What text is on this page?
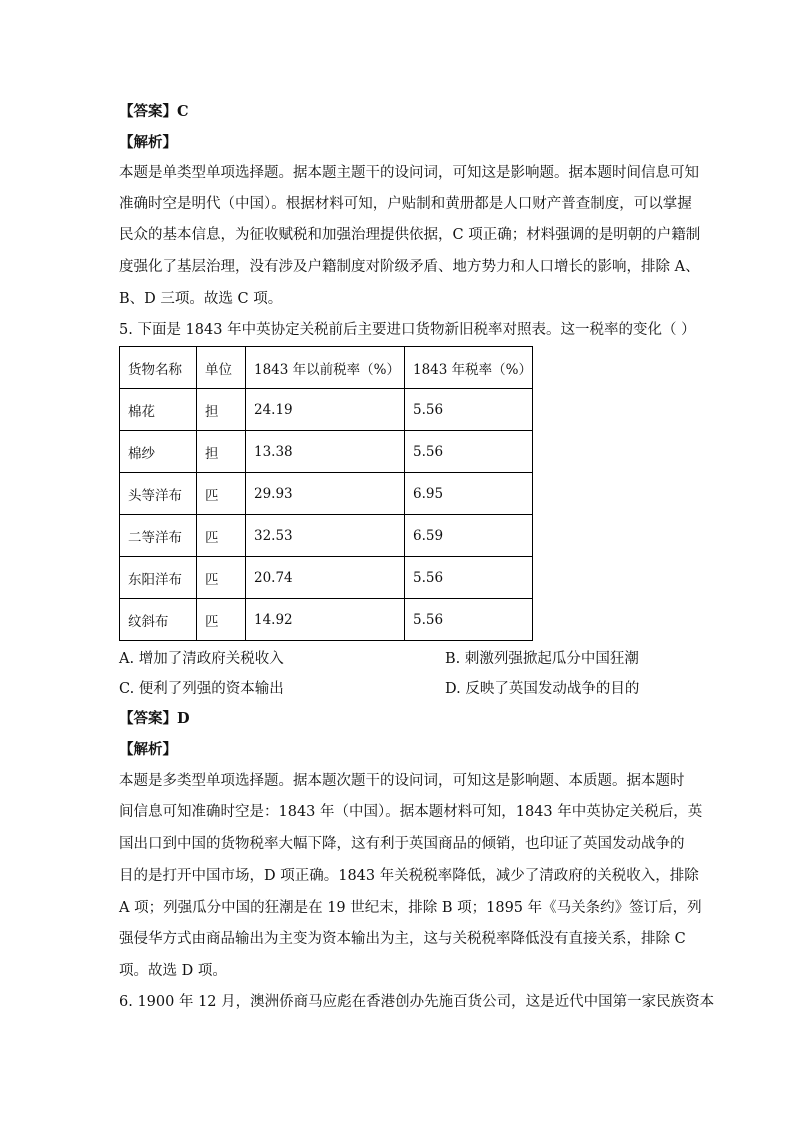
【答案】C
【解析】
本题是单类型单项选择题。据本题主题干的设问词，可知这是影响题。据本题时间信息可知
准确时空是明代（中国）。根据材料可知，户贴制和黄册都是人口财产普查制度，可以掌握
民众的基本信息，为征收赋税和加强治理提供依据，C 项正确；材料强调的是明朝的户籍制
度强化了基层治理，没有涉及户籍制度对阶级矛盾、地方势力和人口增长的影响，排除 A、
B、D 三项。故选 C 项。
5. 下面是 1843 年中英协定关税前后主要进口货物新旧税率对照表。这一税率的变化（ ）
货物名称	单位	1843 年以前税率（%）	1843 年税率（%）
棉花	担	24.19	5.56
棉纱	担	13.38	5.56
头等洋布	匹	29.93	6.95
二等洋布	匹	32.53	6.59
东阳洋布	匹	20.74	5.56
纹斜布	匹	14.92	5.56
A. 增加了清政府关税收入	B. 刺激列强掀起瓜分中国狂潮
C. 便利了列强的资本输出	D. 反映了英国发动战争的目的
【答案】D
【解析】
本题是多类型单项选择题。据本题次题干的设问词，可知这是影响题、本质题。据本题时
间信息可知准确时空是：1843 年（中国）。据本题材料可知，1843 年中英协定关税后，英
国出口到中国的货物税率大幅下降，这有利于英国商品的倾销，也印证了英国发动战争的
目的是打开中国市场，D 项正确。1843 年关税税率降低，减少了清政府的关税收入，排除
A 项；列强瓜分中国的狂潮是在 19 世纪末，排除 B 项；1895 年《马关条约》签订后，列
强侵华方式由商品输出为主变为资本输出为主，这与关税税率降低没有直接关系，排除 C
项。故选 D 项。
6. 1900 年 12 月，澳洲侨商马应彪在香港创办先施百货公司，这是近代中国第一家民族资本
